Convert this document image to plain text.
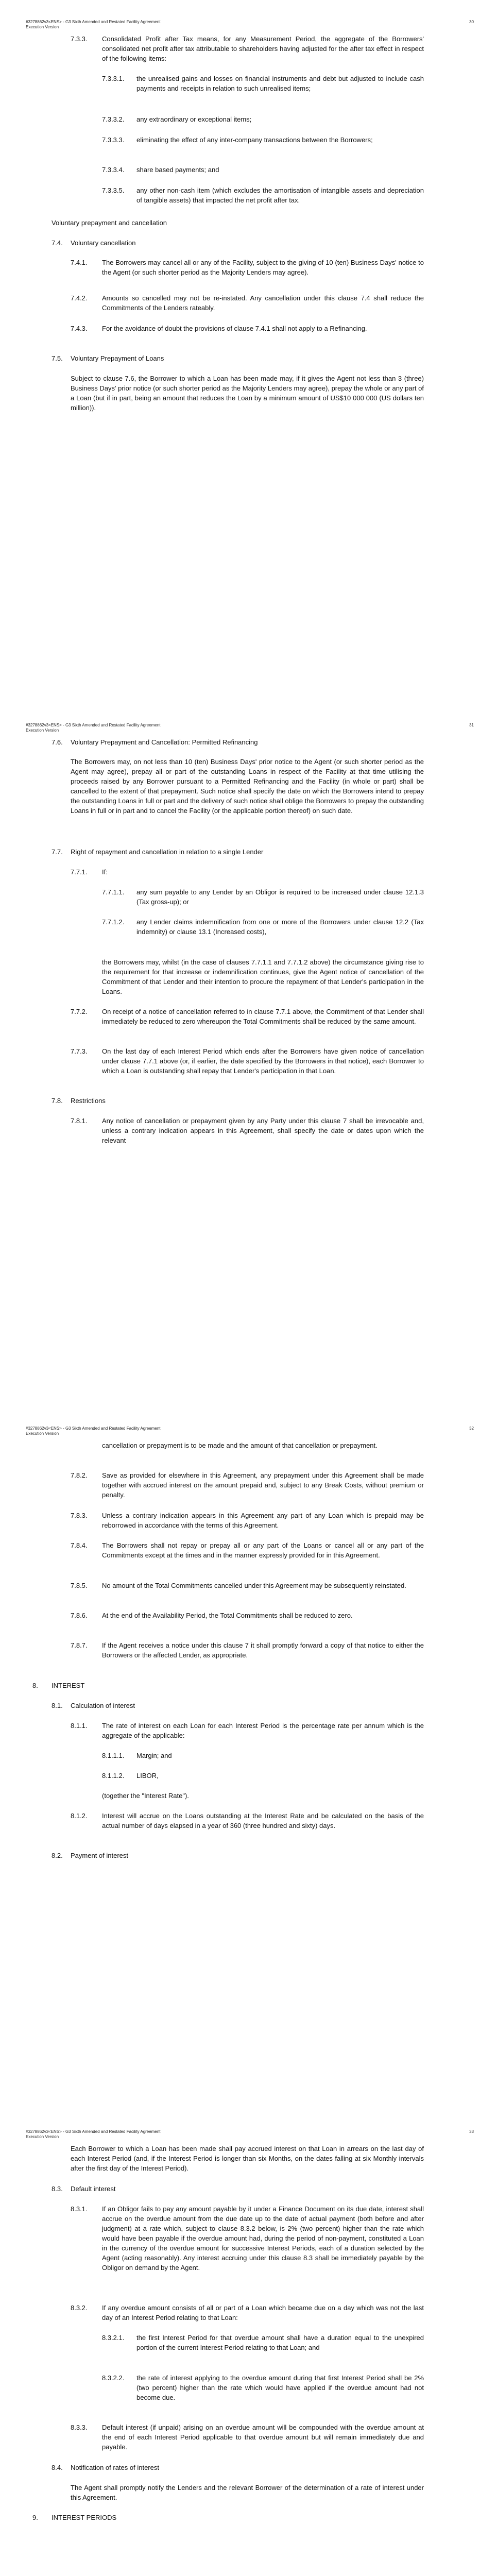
#3278862v3<ENS> - G3 Sixth Amended and Restated Facility Agreement
Execution Version
30
7.3.3.	Consolidated Profit after Tax means, for any Measurement Period, the aggregate of the Borrowers' consolidated net profit after tax attributable to shareholders having adjusted for the after tax effect in respect of the following items:
7.3.3.1.	the unrealised gains and losses on financial instruments and debt but adjusted to include cash payments and receipts in relation to such unrealised items;
7.3.3.2.	any extraordinary or exceptional items;
7.3.3.3.	eliminating the effect of any inter-company transactions between the Borrowers;
7.3.3.4.	share based payments; and
7.3.3.5.	any other non-cash item (which excludes the amortisation of intangible assets and depreciation of tangible assets) that impacted the net profit after tax.
Voluntary prepayment and cancellation
7.4.	Voluntary cancellation
7.4.1.	The Borrowers may cancel all or any of the Facility, subject to the giving of 10 (ten) Business Days' notice to the Agent (or such shorter period as the Majority Lenders may agree).
7.4.2.	Amounts so cancelled may not be re-instated. Any cancellation under this clause 7.4 shall reduce the Commitments of the Lenders rateably.
7.4.3.	For the avoidance of doubt the provisions of clause 7.4.1 shall not apply to a Refinancing.
7.5.	Voluntary Prepayment of Loans
Subject to clause 7.6, the Borrower to which a Loan has been made may, if it gives the Agent not less than 3 (three) Business Days' prior notice (or such shorter period as the Majority Lenders may agree), prepay the whole or any part of a Loan (but if in part, being an amount that reduces the Loan by a minimum amount of US$10 000 000 (US dollars ten million)).
#3278862v3<ENS> - G3 Sixth Amended and Restated Facility Agreement
Execution Version
31
7.6.	Voluntary Prepayment and Cancellation: Permitted Refinancing
The Borrowers may, on not less than 10 (ten) Business Days' prior notice to the Agent (or such shorter period as the Agent may agree), prepay all or part of the outstanding Loans in respect of the Facility at that time utilising the proceeds raised by any Borrower pursuant to a Permitted Refinancing and the Facility (in whole or part) shall be cancelled to the extent of that prepayment. Such notice shall specify the date on which the Borrowers intend to prepay the outstanding Loans in full or part and the delivery of such notice shall oblige the Borrowers to prepay the outstanding Loans in full or in part and to cancel the Facility (or the applicable portion thereof) on such date.
7.7.	Right of repayment and cancellation in relation to a single Lender
7.7.1.	If:
7.7.1.1.	any sum payable to any Lender by an Obligor is required to be increased under clause 12.1.3 (Tax gross-up); or
7.7.1.2.	any Lender claims indemnification from one or more of the Borrowers under clause 12.2 (Tax indemnity) or clause 13.1 (Increased costs),
the Borrowers may, whilst (in the case of clauses 7.7.1.1 and 7.7.1.2 above) the circumstance giving rise to the requirement for that increase or indemnification continues, give the Agent notice of cancellation of the Commitment of that Lender and their intention to procure the repayment of that Lender's participation in the Loans.
7.7.2.	On receipt of a notice of cancellation referred to in clause 7.7.1 above, the Commitment of that Lender shall immediately be reduced to zero whereupon the Total Commitments shall be reduced by the same amount.
7.7.3.	On the last day of each Interest Period which ends after the Borrowers have given notice of cancellation under clause 7.7.1 above (or, if earlier, the date specified by the Borrowers in that notice), each Borrower to which a Loan is outstanding shall repay that Lender's participation in that Loan.
7.8.	Restrictions
7.8.1.	Any notice of cancellation or prepayment given by any Party under this clause 7 shall be irrevocable and, unless a contrary indication appears in this Agreement, shall specify the date or dates upon which the relevant
#3278862v3<ENS> - G3 Sixth Amended and Restated Facility Agreement
Execution Version
32
cancellation or prepayment is to be made and the amount of that cancellation or prepayment.
7.8.2.	Save as provided for elsewhere in this Agreement, any prepayment under this Agreement shall be made together with accrued interest on the amount prepaid and, subject to any Break Costs, without premium or penalty.
7.8.3.	Unless a contrary indication appears in this Agreement any part of any Loan which is prepaid may be reborrowed in accordance with the terms of this Agreement.
7.8.4.	The Borrowers shall not repay or prepay all or any part of the Loans or cancel all or any part of the Commitments except at the times and in the manner expressly provided for in this Agreement.
7.8.5.	No amount of the Total Commitments cancelled under this Agreement may be subsequently reinstated.
7.8.6.	At the end of the Availability Period, the Total Commitments shall be reduced to zero.
7.8.7.	If the Agent receives a notice under this clause 7 it shall promptly forward a copy of that notice to either the Borrowers or the affected Lender, as appropriate.
8.	INTEREST
8.1.	Calculation of interest
8.1.1.	The rate of interest on each Loan for each Interest Period is the percentage rate per annum which is the aggregate of the applicable:
8.1.1.1.	Margin; and
8.1.1.2.	LIBOR,
(together the "Interest Rate").
8.1.2.	Interest will accrue on the Loans outstanding at the Interest Rate and be calculated on the basis of the actual number of days elapsed in a year of 360 (three hundred and sixty) days.
8.2.	Payment of interest
#3278862v3<ENS> - G3 Sixth Amended and Restated Facility Agreement
Execution Version
33
Each Borrower to which a Loan has been made shall pay accrued interest on that Loan in arrears on the last day of each Interest Period (and, if the Interest Period is longer than six Months, on the dates falling at six Monthly intervals after the first day of the Interest Period).
8.3.	Default interest
8.3.1.	If an Obligor fails to pay any amount payable by it under a Finance Document on its due date, interest shall accrue on the overdue amount from the due date up to the date of actual payment (both before and after judgment) at a rate which, subject to clause 8.3.2 below, is 2% (two percent) higher than the rate which would have been payable if the overdue amount had, during the period of non-payment, constituted a Loan in the currency of the overdue amount for successive Interest Periods, each of a duration selected by the Agent (acting reasonably). Any interest accruing under this clause 8.3 shall be immediately payable by the Obligor on demand by the Agent.
8.3.2.	If any overdue amount consists of all or part of a Loan which became due on a day which was not the last day of an Interest Period relating to that Loan:
8.3.2.1.	the first Interest Period for that overdue amount shall have a duration equal to the unexpired portion of the current Interest Period relating to that Loan; and
8.3.2.2.	the rate of interest applying to the overdue amount during that first Interest Period shall be 2% (two percent) higher than the rate which would have applied if the overdue amount had not become due.
8.3.3.	Default interest (if unpaid) arising on an overdue amount will be compounded with the overdue amount at the end of each Interest Period applicable to that overdue amount but will remain immediately due and payable.
8.4.	Notification of rates of interest
The Agent shall promptly notify the Lenders and the relevant Borrower of the determination of a rate of interest under this Agreement.
9.	INTEREST PERIODS
